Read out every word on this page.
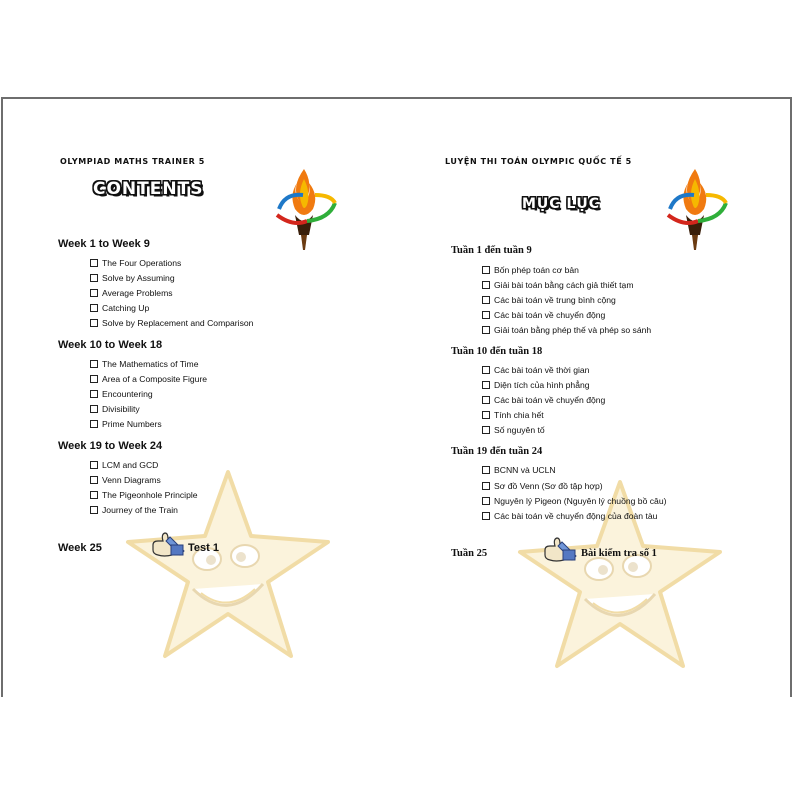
OLYMPIAD MATHS TRAINER 5
CONTENTS
Week 1 to Week 9
The Four Operations
Solve by Assuming
Average Problems
Catching Up
Solve by Replacement and Comparison
Week 10 to Week 18
The Mathematics of Time
Area of a Composite Figure
Encountering
Divisibility
Prime Numbers
Week 19 to Week 24
LCM and GCD
Venn Diagrams
The Pigeonhole Principle
Journey of the Train
Week 25	Test 1
LUYỆN THI TOÁN OLYMPIC QUỐC TẾ 5
MỤC LỤC
Tuần 1 đến tuần 9
Bốn phép toán cơ bản
Giải bài toán bằng cách giả thiết tạm
Các bài toán về trung bình cộng
Các bài toán về chuyển động
Giải toán bằng phép thế và phép so sánh
Tuần 10 đến tuần 18
Các bài toán về thời gian
Diện tích của hình phẳng
Các bài toán về chuyển động
Tính chia hết
Số nguyên tố
Tuần 19 đến tuần 24
BCNN và UCLN
Sơ đồ Venn (Sơ đồ tập hợp)
Nguyên lý Pigeon (Nguyên lý chuồng bồ câu)
Các bài toán về chuyển động của đoàn tàu
Tuần 25	Bài kiểm tra số 1
